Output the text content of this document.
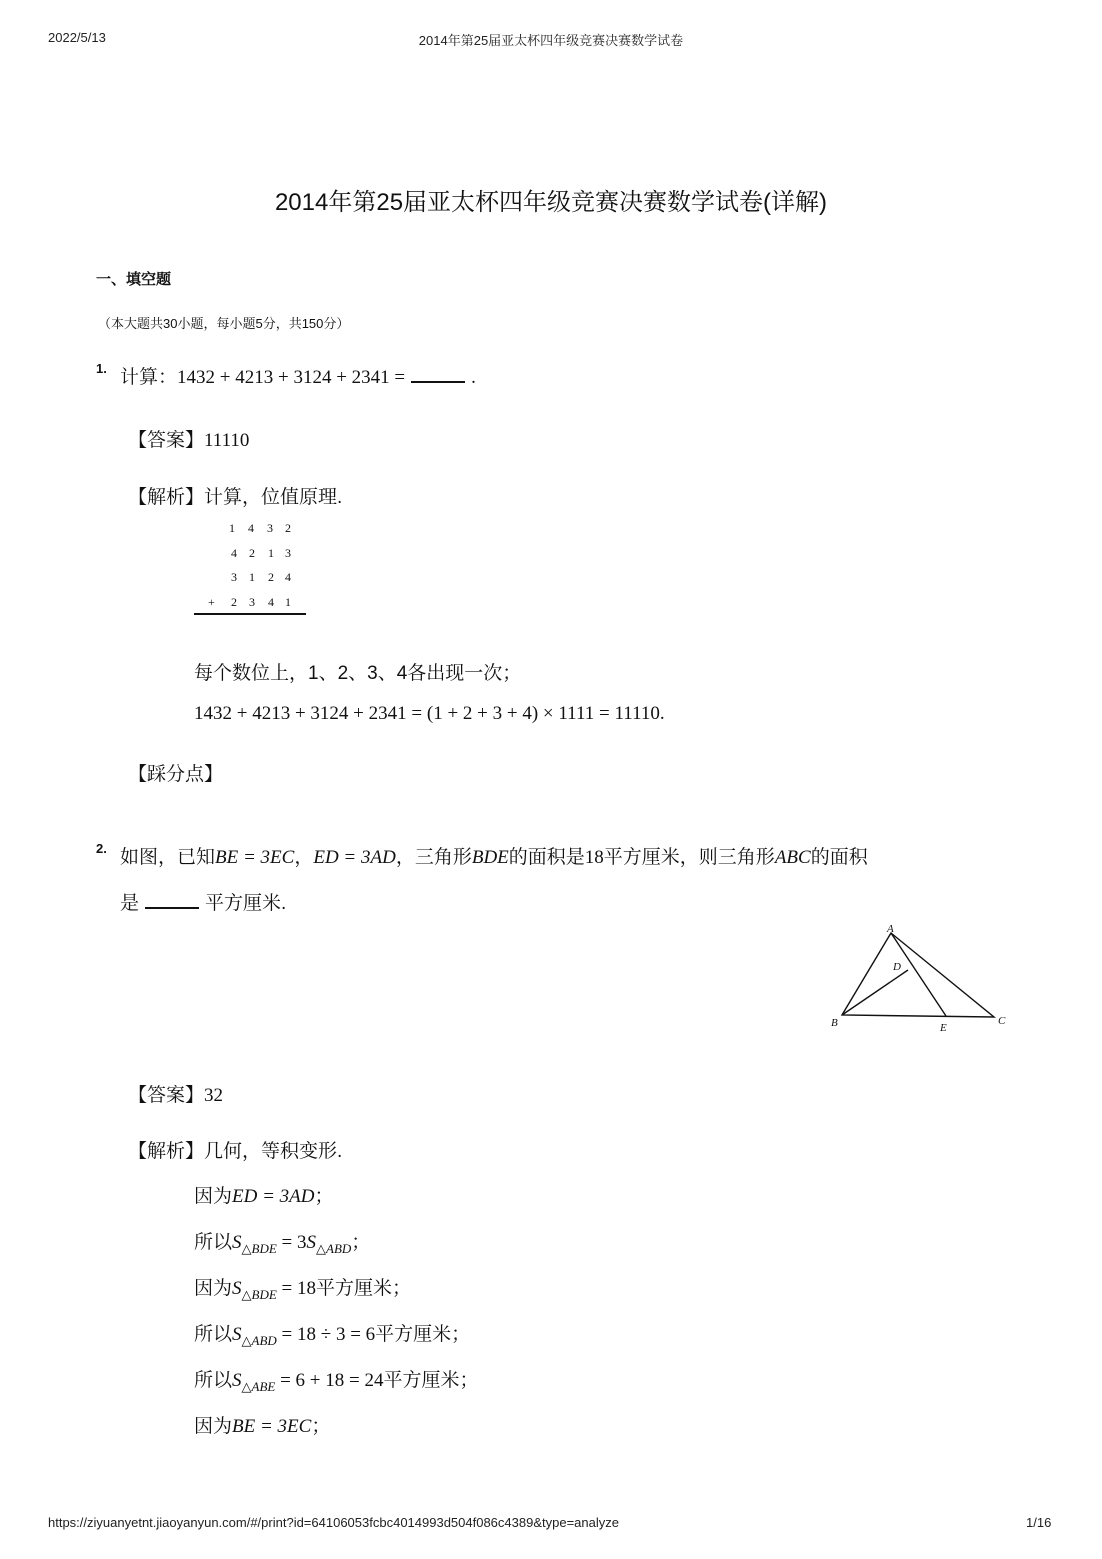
2022/5/13	2014年第25届亚太杯四年级竞赛决赛数学试卷
2014年第25届亚太杯四年级竞赛决赛数学试卷(详解)
一、填空题
（本大题共30小题，每小题5分，共150分）
1. 计算：1432 + 4213 + 3124 + 2341 =	.
【答案】11110
【解析】计算，位值原理.
1 4 3 2
4 2 1 3
3 1 2 4
+ 2 3 4 1
每个数位上，1、2、3、4各出现一次；
1432 + 4213 + 3124 + 2341 = (1 + 2 + 3 + 4) × 1111 = 11110.
【踩分点】
2. 如图，已知BE = 3EC，ED = 3AD，三角形BDE的面积是18平方厘米，则三角形ABC的面积
是	平方厘米.
A
D
B	E
C
【答案】32
【解析】几何，等积变形.
因为ED = 3AD；
所以$S_{\triangle BDE} = 3S_{\triangle ABD}$；
因为$S_{\triangle BDE} = 18$平方厘米；
所以$S_{\triangle ABD} = 18 \div 3 = 6$平方厘米；
所以$S_{\triangle ABE} = 6 + 18 = 24$平方厘米；
因为BE = 3EC；
https://ziyuanyetnt.jiaoyanyun.com/#/print?id=64106053fcbc4014993d504f086c4389&type=analyze	1/16
